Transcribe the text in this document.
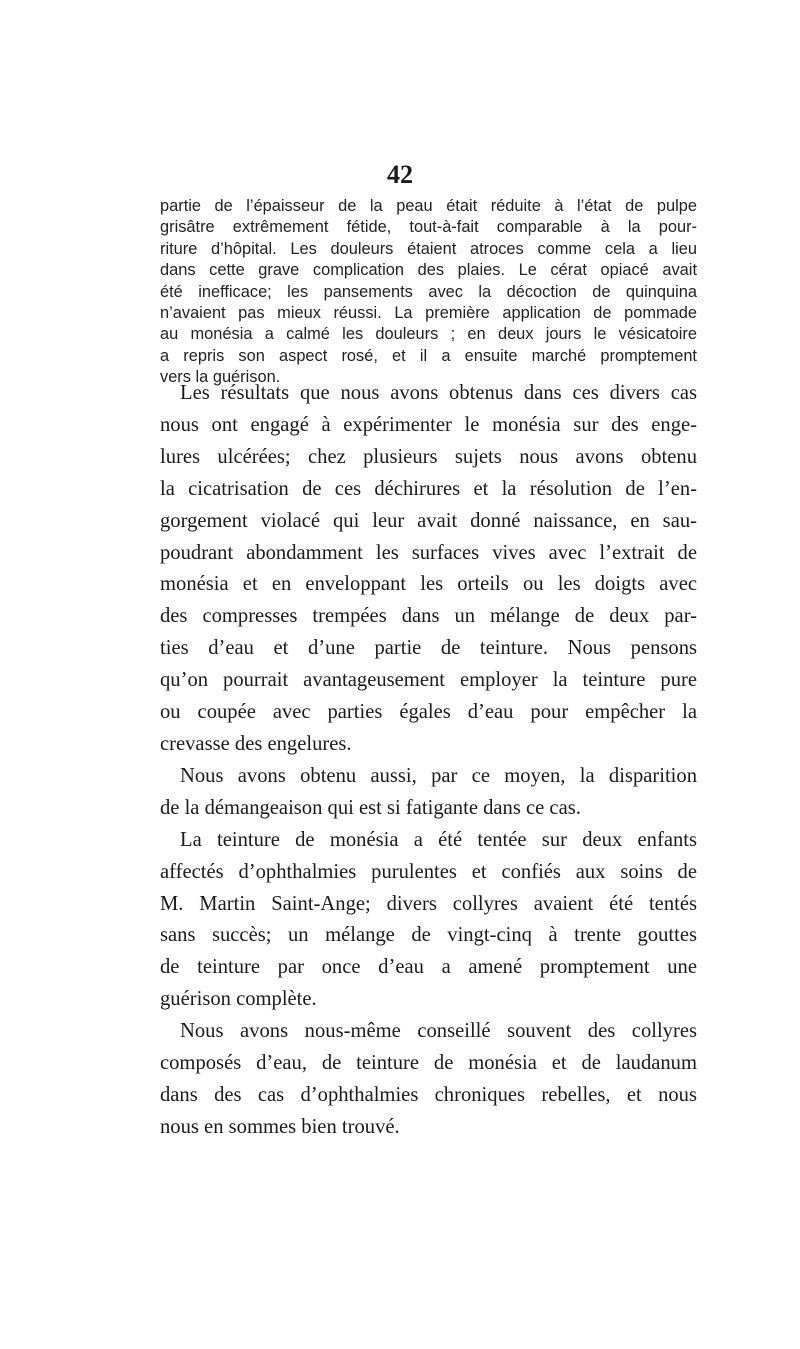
42
partie de l’épaisseur de la peau était réduite à l’état de pulpe
grisâtre extrêmement fétide, tout-à-fait comparable à la pour-
riture d’hôpital. Les douleurs étaient atroces comme cela a lieu
dans cette grave complication des plaies. Le cérat opiacé avait
été inefficace; les pansements avec la décoction de quinquina
n’avaient pas mieux réussi. La première application de pommade
au monésia a calmé les douleurs ; en deux jours le vésicatoire
a repris son aspect rosé, et il a ensuite marché promptement
vers la guérison.
Les résultats que nous avons obtenus dans ces divers cas
nous ont engagé à expérimenter le monésia sur des enge-
lures ulcérées; chez plusieurs sujets nous avons obtenu
la cicatrisation de ces déchirures et la résolution de l’en-
gorgement violacé qui leur avait donné naissance, en sau-
poudrant abondamment les surfaces vives avec l’extrait de
monésia et en enveloppant les orteils ou les doigts avec
des compresses trempées dans un mélange de deux par-
ties d’eau et d’une partie de teinture. Nous pensons
qu’on pourrait avantageusement employer la teinture pure
ou coupée avec parties égales d’eau pour empêcher la
crevasse des engelures.
Nous avons obtenu aussi, par ce moyen, la disparition
de la démangeaison qui est si fatigante dans ce cas.
La teinture de monésia a été tentée sur deux enfants
affectés d’ophthalmies purulentes et confiés aux soins de
M. Martin Saint-Ange; divers collyres avaient été tentés
sans succès; un mélange de vingt-cinq à trente gouttes
de teinture par once d’eau a amené promptement une
guérison complète.
Nous avons nous-même conseillé souvent des collyres
composés d’eau, de teinture de monésia et de laudanum
dans des cas d’ophthalmies chroniques rebelles, et nous
nous en sommes bien trouvé.
